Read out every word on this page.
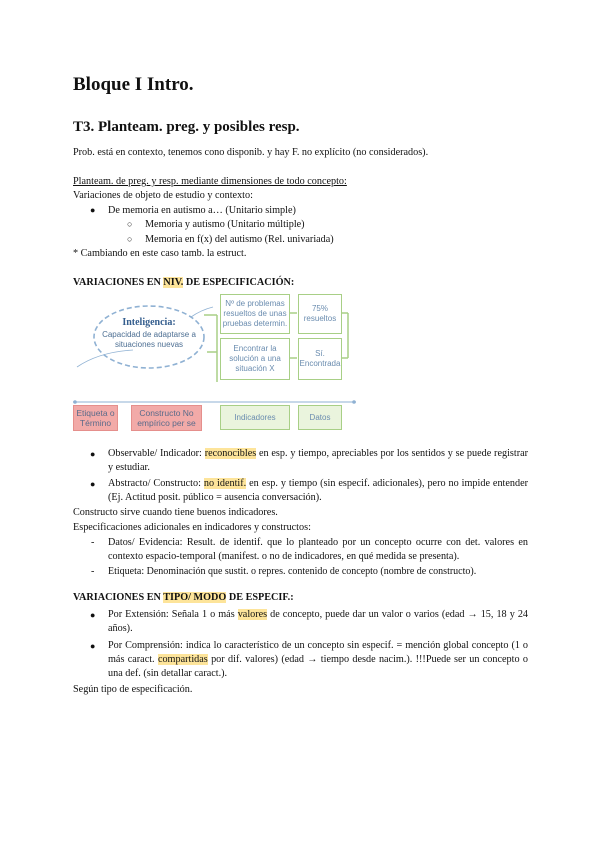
Bloque I Intro.
T3. Planteam. preg. y posibles resp.
Prob. está en contexto, tenemos cono disponib. y hay F. no explícito (no considerados).
Planteam. de preg. y resp. mediante dimensiones de todo concepto:
Variaciones de objeto de estudio y contexto:
● De memoria en autismo a… (Unitario simple)
○ Memoria y autismo (Unitario múltiple)
○ Memoria en f(x) del autismo (Rel. univariada)
* Cambiando en este caso tamb. la estruct.
VARIACIONES EN NIV. DE ESPECIFICACIÓN:
Inteligencia:
Capacidad de adaptarse a situaciones nuevas
Nº de problemas resueltos de unas pruebas determin.
Encontrar la solución a una situación X
75% resueltos
Sí. Encontrada
Indicadores	Datos
Etiqueta o Término
Constructo No empírico per se
● Observable/ Indicador: reconocibles en esp. y tiempo, apreciables por los sentidos y se puede registrar y estudiar.
● Abstracto/ Constructo: no identif. en esp. y tiempo (sin especif. adicionales), pero no impide entender (Ej. Actitud posit. público = ausencia conversación).
Constructo sirve cuando tiene buenos indicadores.
Especificaciones adicionales en indicadores y constructos:
- Datos/ Evidencia: Result. de identif. que lo planteado por un concepto ocurre con det. valores en contexto espacio-temporal (manifest. o no de indicadores, en qué medida se presenta).
- Etiqueta: Denominación que sustit. o repres. contenido de concepto (nombre de constructo).
VARIACIONES EN TIPO/ MODO DE ESPECIF.:
● Por Extensión: Señala 1 o más valores de concepto, puede dar un valor o varios (edad → 15, 18 y 24 años).
● Por Comprensión: indica lo característico de un concepto sin especif. = mención global concepto (1 o más caract. compartidas por dif. valores) (edad → tiempo desde nacim.). !!!Puede ser un concepto o una def. (sin detallar caract.).
Según tipo de especificación.
